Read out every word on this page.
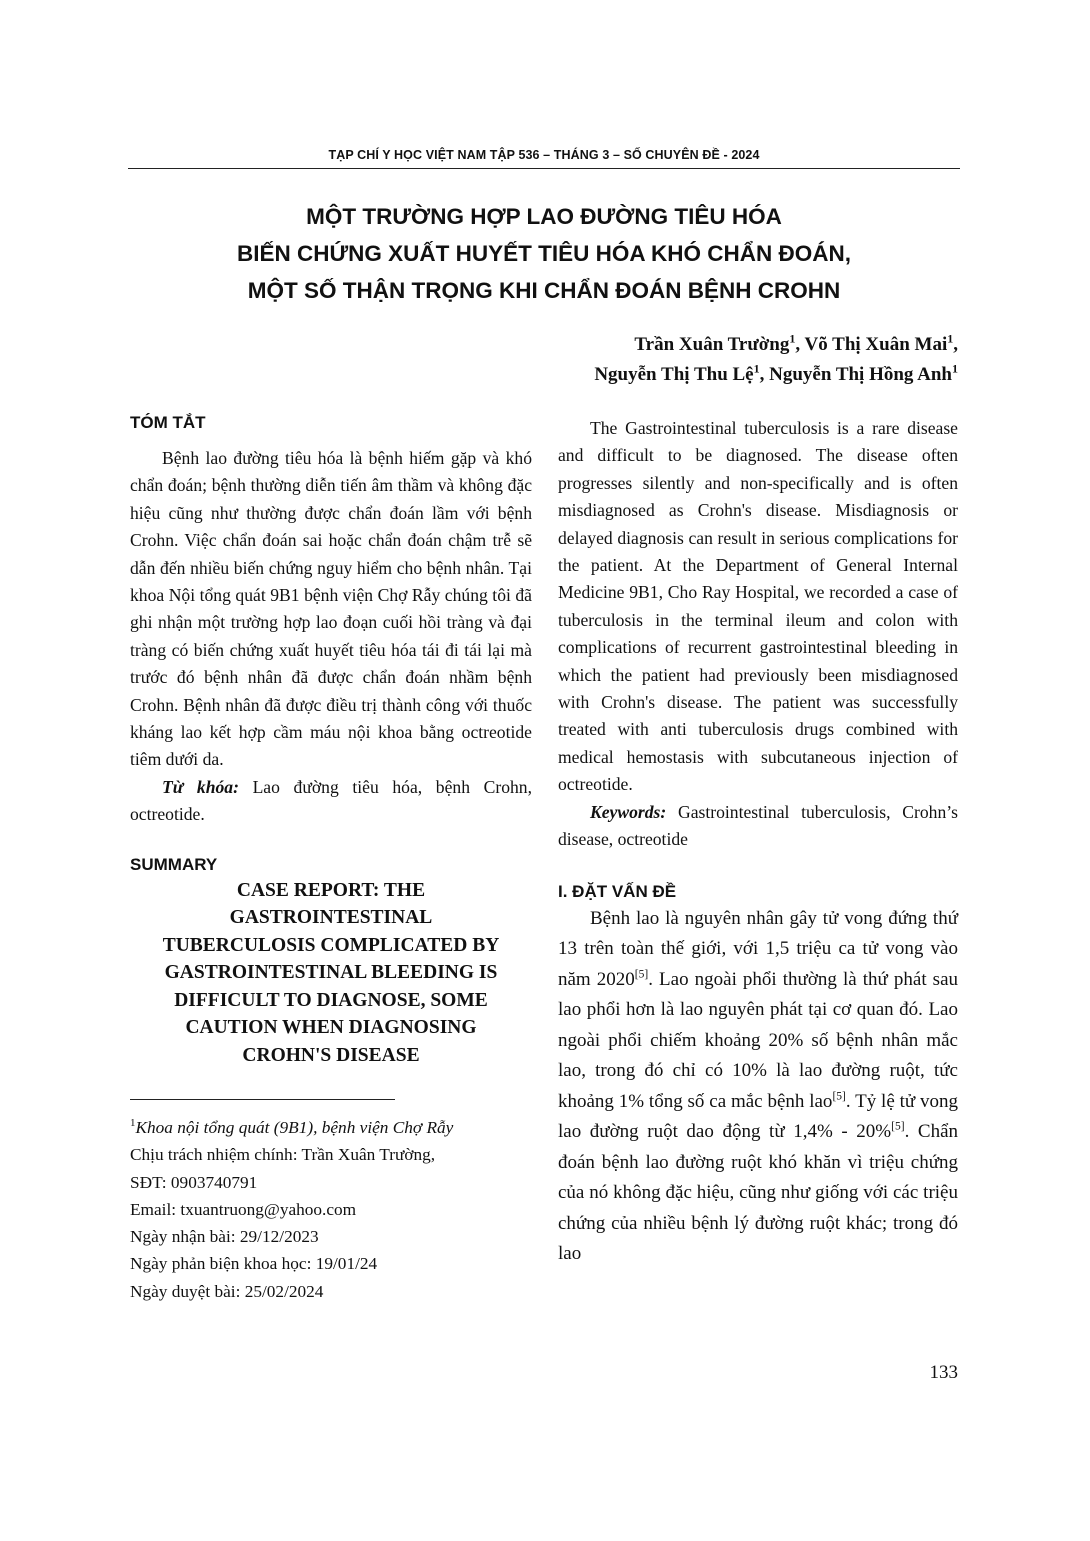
TẠP CHÍ Y HỌC VIỆT NAM TẬP 536 – THÁNG 3 – SỐ CHUYÊN ĐỀ - 2024
MỘT TRƯỜNG HỢP LAO ĐƯỜNG TIÊU HÓA
BIẾN CHỨNG XUẤT HUYẾT TIÊU HÓA KHÓ CHẨN ĐOÁN,
MỘT SỐ THẬN TRỌNG KHI CHẨN ĐOÁN BỆNH CROHN
Trần Xuân Trường$^1$, Võ Thị Xuân Mai$^1$,
Nguyễn Thị Thu Lệ$^1$, Nguyễn Thị Hồng Anh$^1$
TÓM TẮT

Bệnh lao đường tiêu hóa là bệnh hiếm gặp và khó chẩn đoán; bệnh thường diễn tiến âm thầm và không đặc hiệu cũng như thường được chẩn đoán lầm với bệnh Crohn. Việc chẩn đoán sai hoặc chẩn đoán chậm trễ sẽ dẫn đến nhiều biến chứng nguy hiểm cho bệnh nhân. Tại khoa Nội tổng quát 9B1 bệnh viện Chợ Rẫy chúng tôi đã ghi nhận một trường hợp lao đoạn cuối hồi tràng và đại tràng có biến chứng xuất huyết tiêu hóa tái đi tái lại mà trước đó bệnh nhân đã được chẩn đoán nhầm bệnh Crohn. Bệnh nhân đã được điều trị thành công với thuốc kháng lao kết hợp cầm máu nội khoa bằng octreotide tiêm dưới da.

Từ khóa: Lao đường tiêu hóa, bệnh Crohn, octreotide.

SUMMARY
CASE REPORT: THE
GASTROINTESTINAL
TUBERCULOSIS COMPLICATED BY
GASTROINTESTINAL BLEEDING IS
DIFFICULT TO DIAGNOSE, SOME
CAUTION WHEN DIAGNOSING
CROHN'S DISEASE

$^1$Khoa nội tổng quát (9B1), bệnh viện Chợ Rẫy

Chịu trách nhiệm chính: Trần Xuân Trường,

SĐT: 0903740791

Email: txuantruong@yahoo.com

Ngày nhận bài: 29/12/2023

Ngày phản biện khoa học: 19/01/24

Ngày duyệt bài: 25/02/2024

The Gastrointestinal tuberculosis is a rare disease and difficult to be diagnosed. The disease often progresses silently and non-specifically and is often misdiagnosed as Crohn's disease. Misdiagnosis or delayed diagnosis can result in serious complications for the patient. At the Department of General Internal Medicine 9B1, Cho Ray Hospital, we recorded a case of tuberculosis in the terminal ileum and colon with complications of recurrent gastrointestinal bleeding in which the patient had previously been misdiagnosed with Crohn's disease. The patient was successfully treated with anti tuberculosis drugs combined with medical hemostasis with subcutaneous injection of octreotide.

Keywords: Gastrointestinal tuberculosis, Crohn’s disease, octreotide

I. ĐẶT VẤN ĐỀ

Bệnh lao là nguyên nhân gây tử vong đứng thứ 13 trên toàn thế giới, với 1,5 triệu ca tử vong vào năm 2020[5]. Lao ngoài phổi thường là thứ phát sau lao phổi hơn là lao nguyên phát tại cơ quan đó. Lao ngoài phổi chiếm khoảng 20% số bệnh nhân mắc lao, trong đó chỉ có 10% là lao đường ruột, tức khoảng 1% tổng số ca mắc bệnh lao[5]. Tỷ lệ tử vong lao đường ruột dao động từ 1,4% - 20%[5]. Chẩn đoán bệnh lao đường ruột khó khăn vì triệu chứng của nó không đặc hiệu, cũng như giống với các triệu chứng của nhiều bệnh lý đường ruột khác; trong đó lao

133
